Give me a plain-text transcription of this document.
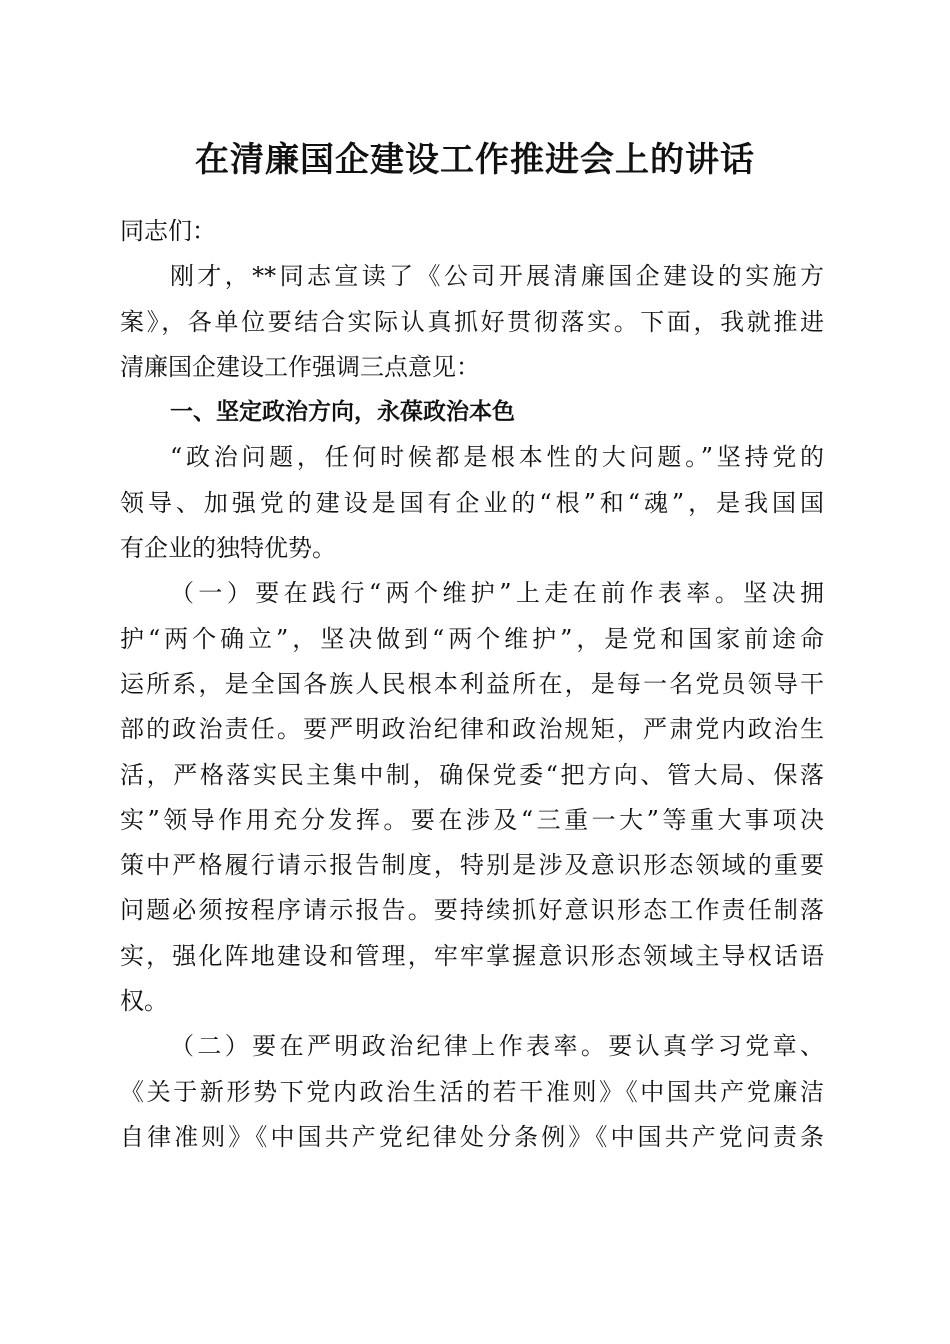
在清廉国企建设工作推进会上的讲话
同志们：
刚才，**同志宣读了《公司开展清廉国企建设的实施方
案》，各单位要结合实际认真抓好贯彻落实。下面，我就推进
清廉国企建设工作强调三点意见：
一、坚定政治方向，永葆政治本色
“政治问题，任何时候都是根本性的大问题。”坚持党的
领导、加强党的建设是国有企业的“根”和“魂”，是我国国
有企业的独特优势。
（一）要在践行“两个维护”上走在前作表率。坚决拥
护“两个确立”，坚决做到“两个维护”，是党和国家前途命
运所系，是全国各族人民根本利益所在，是每一名党员领导干
部的政治责任。要严明政治纪律和政治规矩，严肃党内政治生
活，严格落实民主集中制，确保党委“把方向、管大局、保落
实”领导作用充分发挥。要在涉及“三重一大”等重大事项决
策中严格履行请示报告制度，特别是涉及意识形态领域的重要
问题必须按程序请示报告。要持续抓好意识形态工作责任制落
实，强化阵地建设和管理，牢牢掌握意识形态领域主导权话语
权。
（二）要在严明政治纪律上作表率。要认真学习党章、
《关于新形势下党内政治生活的若干准则》《中国共产党廉洁
自律准则》《中国共产党纪律处分条例》《中国共产党问责条
